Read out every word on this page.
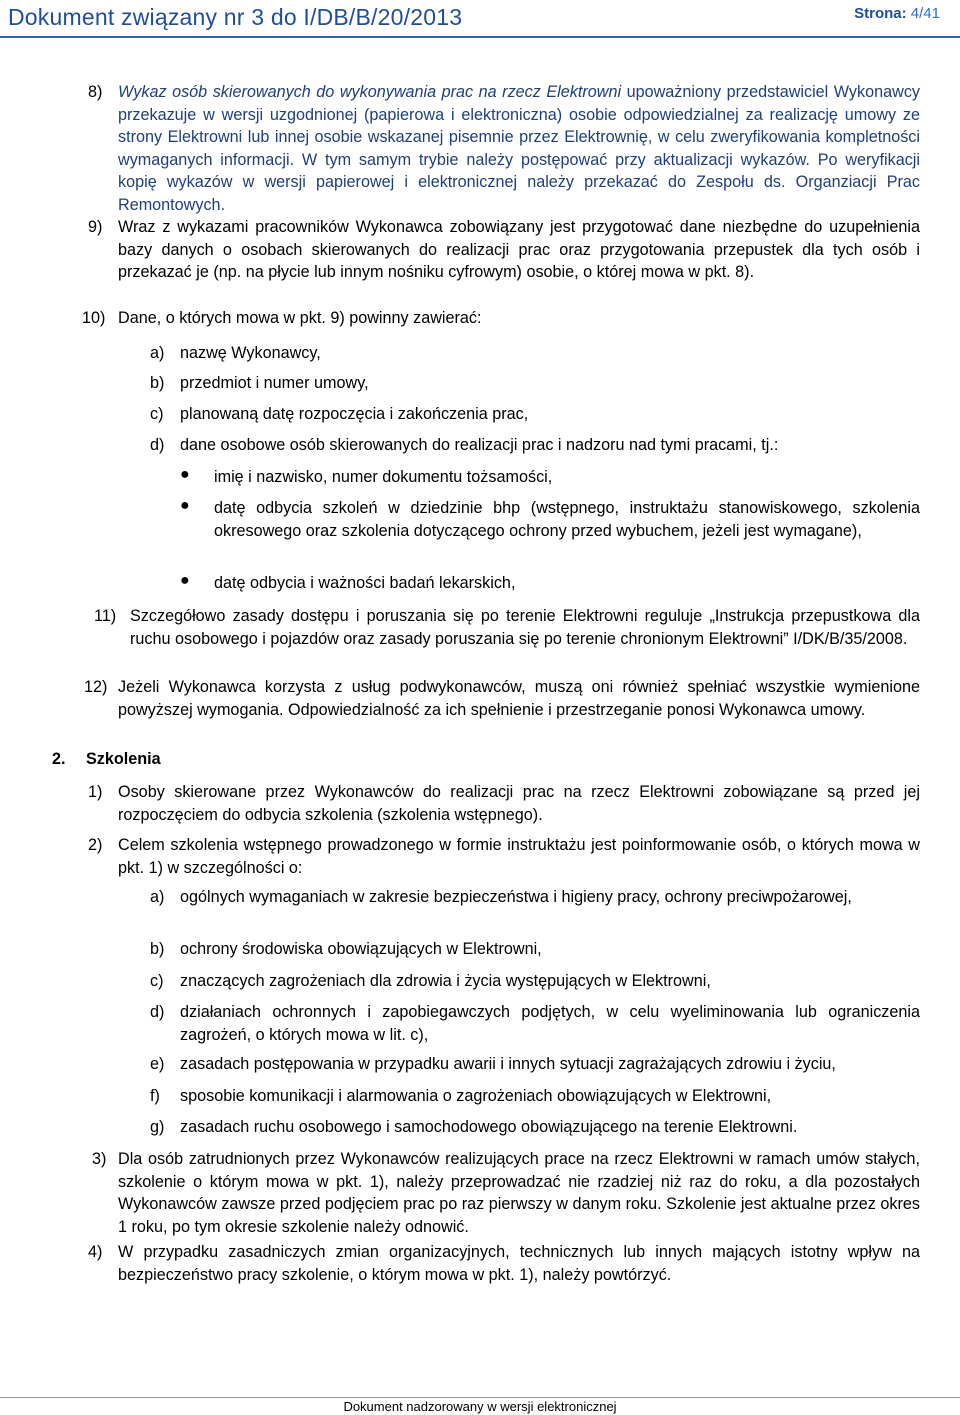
Dokument związany nr 3 do I/DB/B/20/2013	Strona: 4/41
8) Wykaz osób skierowanych do wykonywania prac na rzecz Elektrowni upoważniony przedstawiciel Wykonawcy przekazuje w wersji uzgodnionej (papierowa i elektroniczna) osobie odpowiedzialnej za realizację umowy ze strony Elektrowni lub innej osobie wskazanej pisemnie przez Elektrownię, w celu zweryfikowania kompletności wymaganych informacji. W tym samym trybie należy postępować przy aktualizacji wykazów. Po weryfikacji kopię wykazów w wersji papierowej i elektronicznej należy przekazać do Zespołu ds. Organziacji Prac Remontowych.

9) Wraz z wykazami pracowników Wykonawca zobowiązany jest przygotować dane niezbędne do uzupełnienia bazy danych o osobach skierowanych do realizacji prac oraz przygotowania przepustek dla tych osób i przekazać je (np. na płycie lub innym nośniku cyfrowym) osobie, o której mowa w pkt. 8).

10) Dane, o których mowa w pkt. 9) powinny zawierać:

a) nazwę Wykonawcy,
b) przedmiot i numer umowy,
c) planowaną datę rozpoczęcia i zakończenia prac,
d) dane osobowe osób skierowanych do realizacji prac i nadzoru nad tymi pracami, tj.:
● imię i nazwisko, numer dokumentu tożsamości,
● datę odbycia szkoleń w dziedzinie bhp (wstępnego, instruktażu stanowiskowego, szkolenia okresowego oraz szkolenia dotyczącego ochrony przed wybuchem, jeżeli jest wymagane),
● datę odbycia i ważności badań lekarskich,
11) Szczegółowo zasady dostępu i poruszania się po terenie Elektrowni reguluje „Instrukcja przepustkowa dla ruchu osobowego i pojazdów oraz zasady poruszania się po terenie chronionym Elektrowni” I/DK/B/35/2008.

12) Jeżeli Wykonawca korzysta z usług podwykonawców, muszą oni również spełniać wszystkie wymienione powyższej wymogania. Odpowiedzialność za ich spełnienie i przestrzeganie ponosi Wykonawca umowy.

2. Szkolenia
1) Osoby skierowane przez Wykonawców do realizacji prac na rzecz Elektrowni zobowiązane są przed jej rozpoczęciem do odbycia szkolenia (szkolenia wstępnego).

2) Celem szkolenia wstępnego prowadzonego w formie instruktażu jest poinformowanie osób, o których mowa w pkt. 1) w szczególności o:

a) ogólnych wymaganiach w zakresie bezpieczeństwa i higieny pracy, ochrony preciwpożarowej,
b) ochrony środowiska obowiązujących w Elektrowni,
c) znaczących zagrożeniach dla zdrowia i życia występujących w Elektrowni,
d) działaniach ochronnych i zapobiegawczych podjętych, w celu wyeliminowania lub ograniczenia zagrożeń, o których mowa w lit. c),
e) zasadach postępowania w przypadku awarii i innych sytuacji zagrażających zdrowiu i życiu,
f) sposobie komunikacji i alarmowania o zagrożeniach obowiązujących w Elektrowni,
g) zasadach ruchu osobowego i samochodowego obowiązującego na terenie Elektrowni.
3) Dla osób zatrudnionych przez Wykonawców realizujących prace na rzecz Elektrowni w ramach umów stałych, szkolenie o którym mowa w pkt. 1), należy przeprowadzać nie rzadziej niż raz do roku, a dla pozostałych Wykonawców zawsze przed podjęciem prac po raz pierwszy w danym roku. Szkolenie jest aktualne przez okres 1 roku, po tym okresie szkolenie należy odnowić.

4) W przypadku zasadniczych zmian organizacyjnych, technicznych lub innych mających istotny wpływ na bezpieczeństwo pracy szkolenie, o którym mowa w pkt. 1), należy powtórzyć.

Dokument nadzorowany w wersji elektronicznej
